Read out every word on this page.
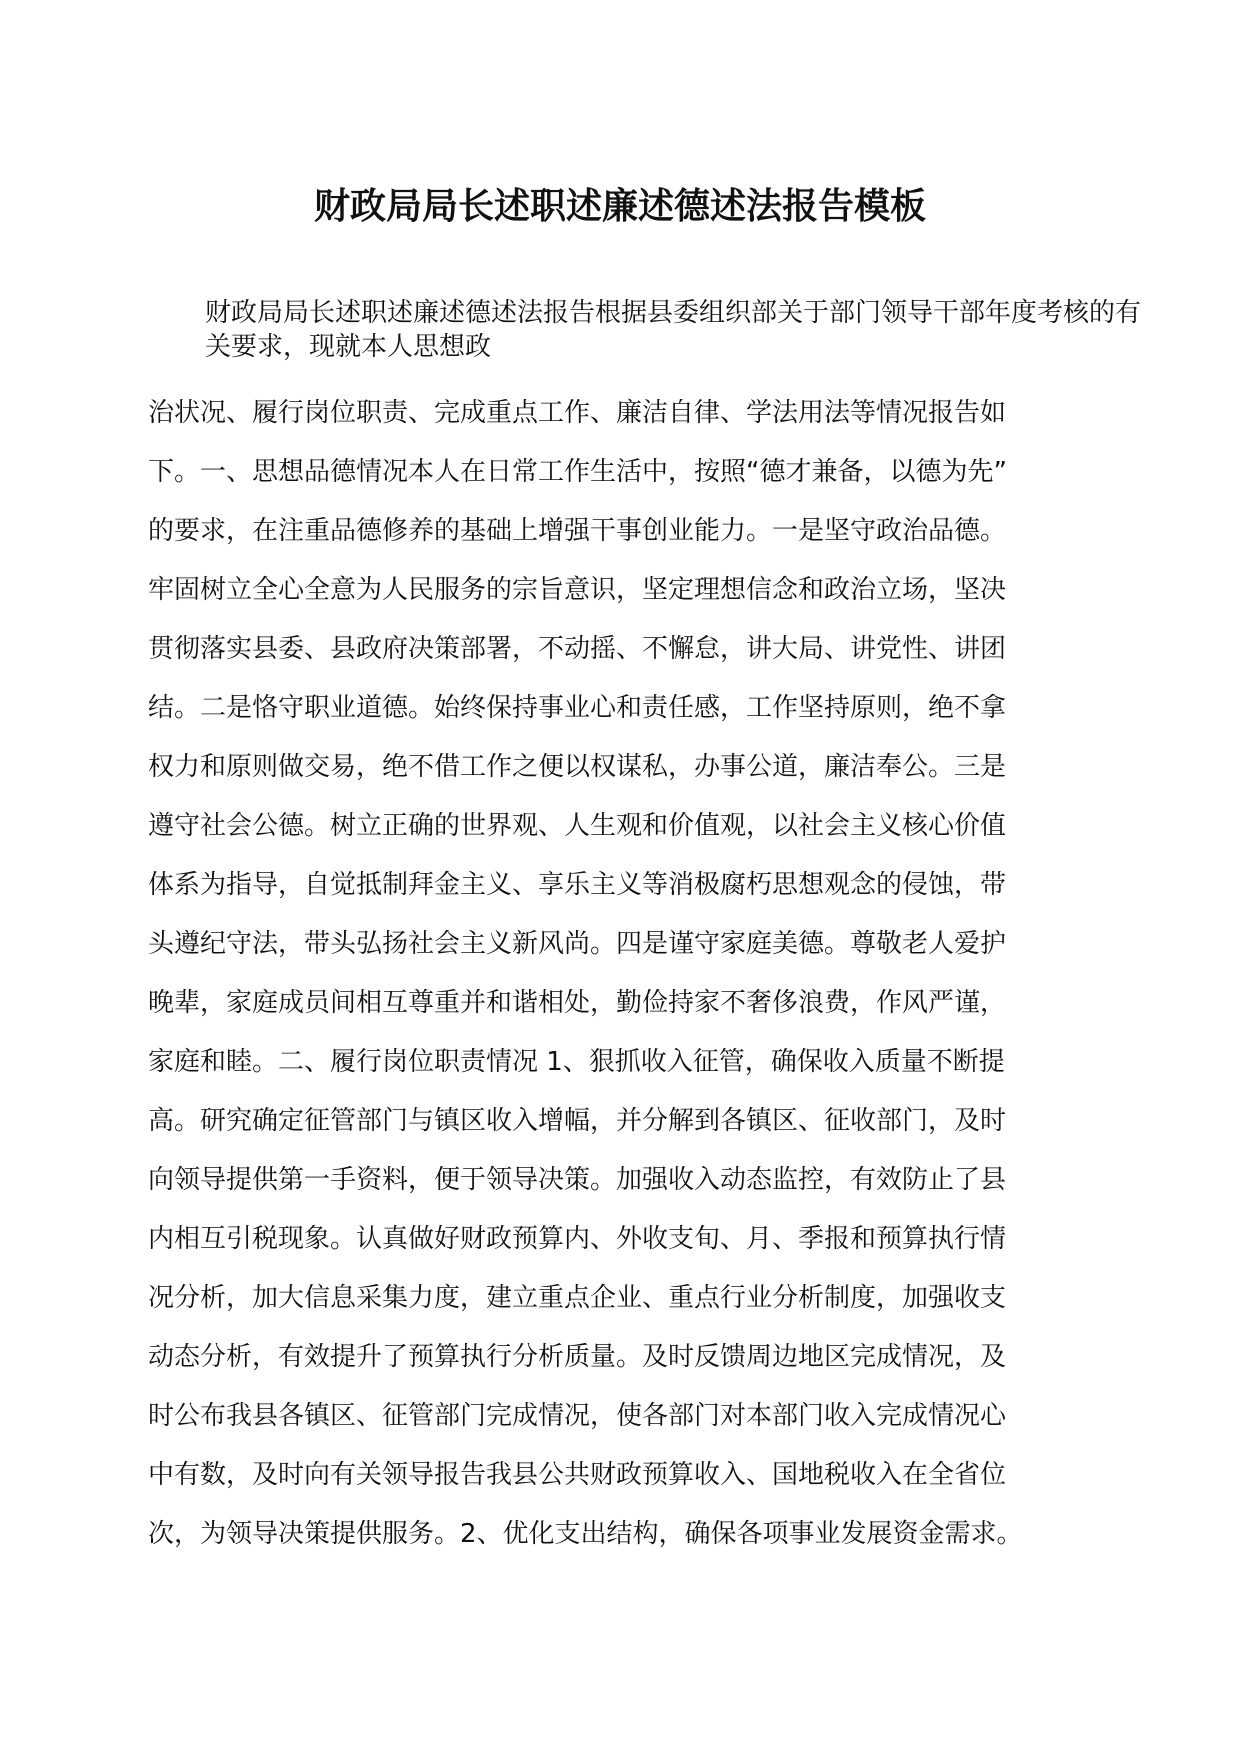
财政局局长述职述廉述德述法报告模板
财政局局长述职述廉述德述法报告根据县委组织部关于部门领导干部年度考核的有
关要求，现就本人思想政
治状况、履行岗位职责、完成重点工作、廉洁自律、学法用法等情况报告如
下。一、思想品德情况本人在日常工作生活中，按照“德才兼备，以德为先”
的要求，在注重品德修养的基础上增强干事创业能力。一是坚守政治品德。
牢固树立全心全意为人民服务的宗旨意识，坚定理想信念和政治立场，坚决
贯彻落实县委、县政府决策部署，不动摇、不懈怠，讲大局、讲党性、讲团
结。二是恪守职业道德。始终保持事业心和责任感，工作坚持原则，绝不拿
权力和原则做交易，绝不借工作之便以权谋私，办事公道，廉洁奉公。三是
遵守社会公德。树立正确的世界观、人生观和价值观，以社会主义核心价值
体系为指导，自觉抵制拜金主义、享乐主义等消极腐朽思想观念的侵蚀，带
头遵纪守法，带头弘扬社会主义新风尚。四是谨守家庭美德。尊敬老人爱护
晚辈，家庭成员间相互尊重并和谐相处，勤俭持家不奢侈浪费，作风严谨，
家庭和睦。二、履行岗位职责情况 1、狠抓收入征管，确保收入质量不断提
高。研究确定征管部门与镇区收入增幅，并分解到各镇区、征收部门，及时
向领导提供第一手资料，便于领导决策。加强收入动态监控，有效防止了县
内相互引税现象。认真做好财政预算内、外收支旬、月、季报和预算执行情
况分析，加大信息采集力度，建立重点企业、重点行业分析制度，加强收支
动态分析，有效提升了预算执行分析质量。及时反馈周边地区完成情况，及
时公布我县各镇区、征管部门完成情况，使各部门对本部门收入完成情况心
中有数，及时向有关领导报告我县公共财政预算收入、国地税收入在全省位
次，为领导决策提供服务。2、优化支出结构，确保各项事业发展资金需求。
